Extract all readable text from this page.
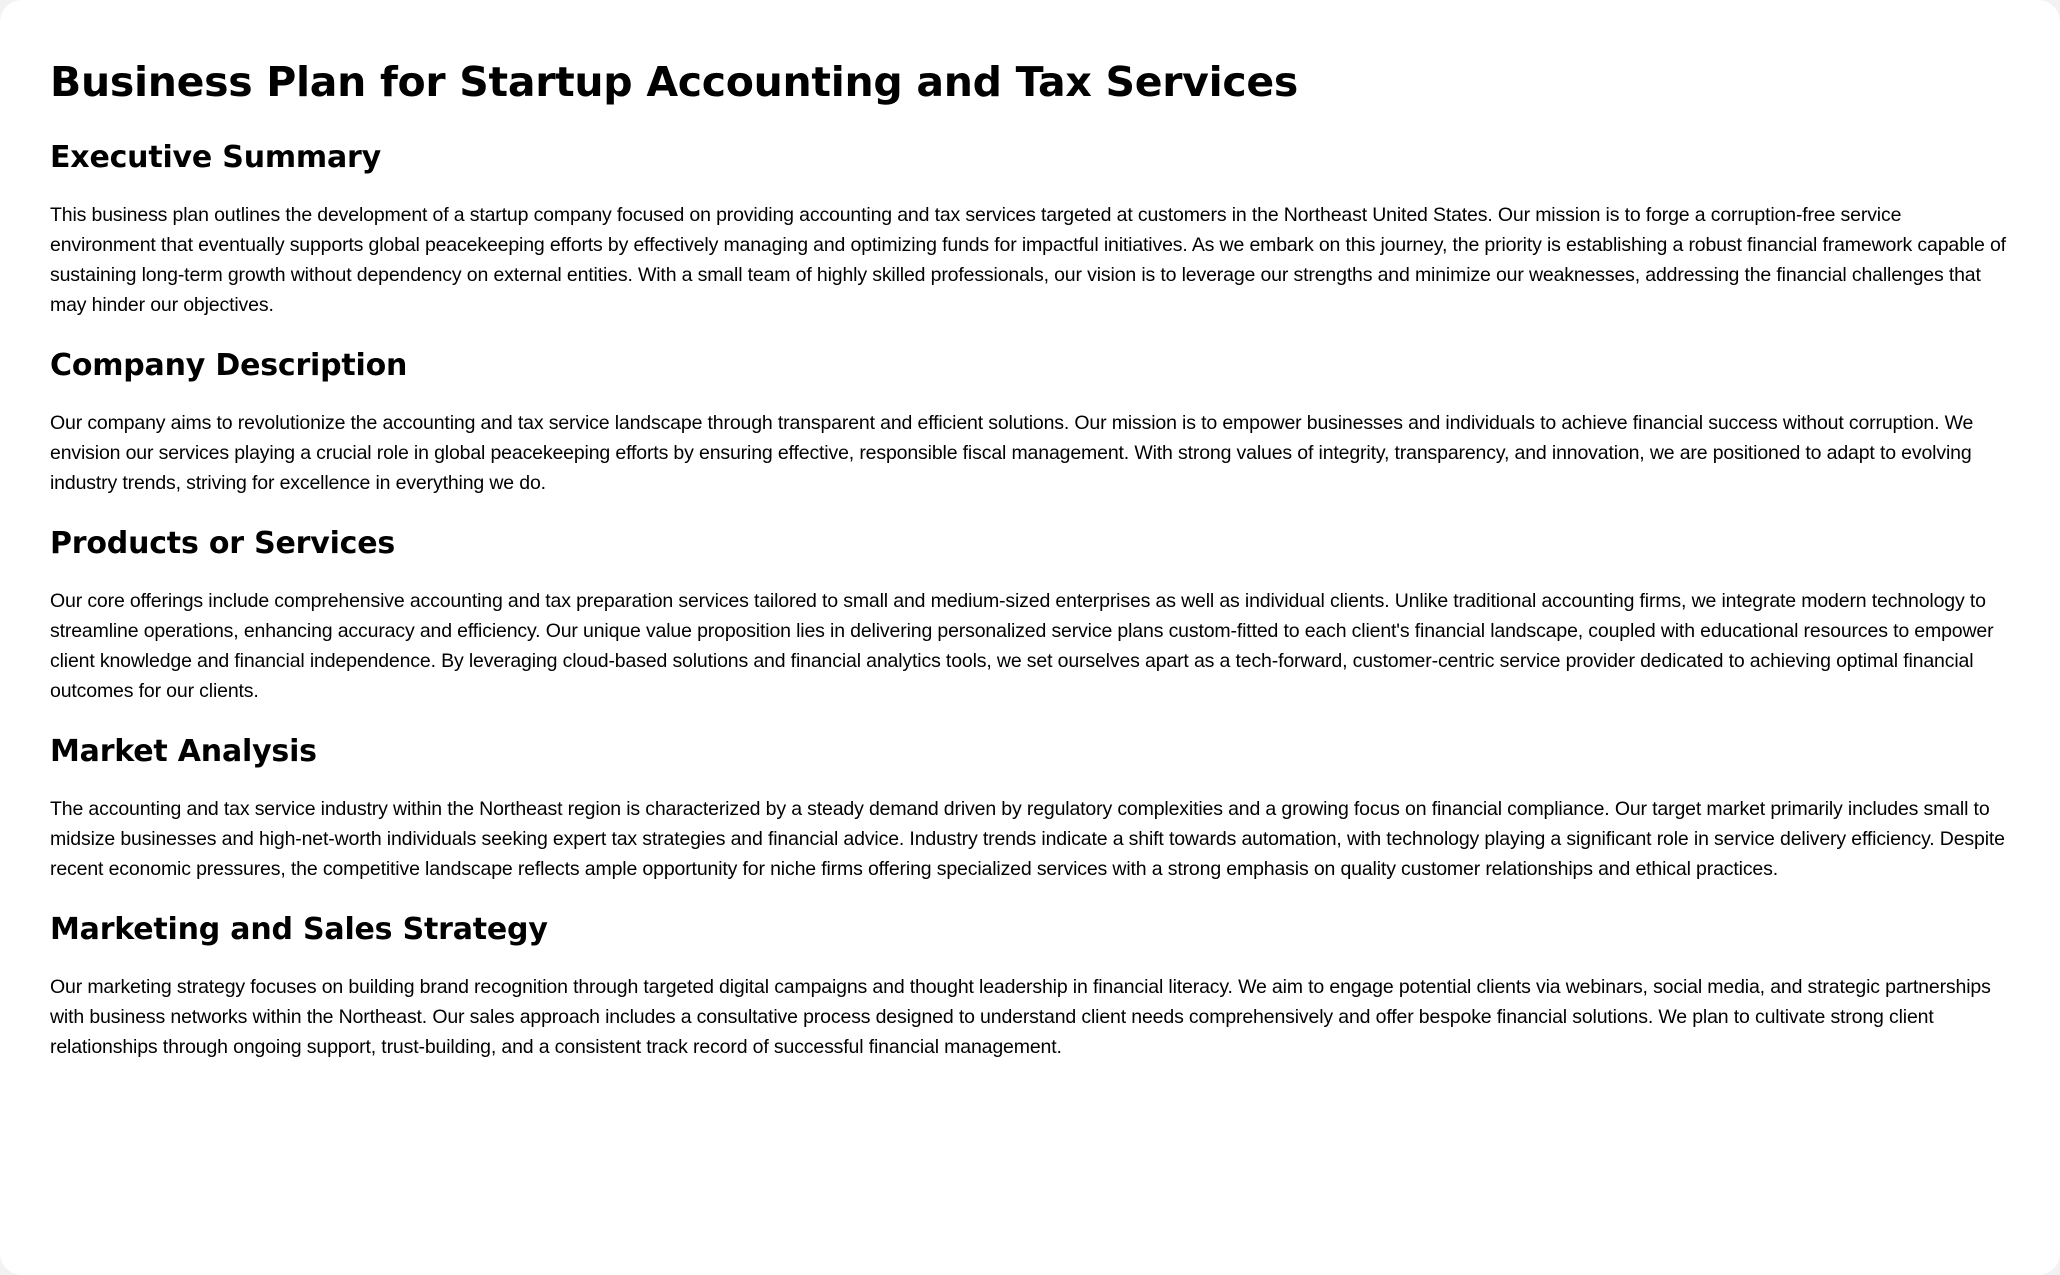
Business Plan for Startup Accounting and Tax Services
Executive Summary

This business plan outlines the development of a startup company focused on providing accounting and tax services targeted at customers in the Northeast United States. Our mission is to forge a corruption-free service environment that eventually supports global peacekeeping efforts by effectively managing and optimizing funds for impactful initiatives. As we embark on this journey, the priority is establishing a robust financial framework capable of sustaining long-term growth without dependency on external entities. With a small team of highly skilled professionals, our vision is to leverage our strengths and minimize our weaknesses, addressing the financial challenges that may hinder our objectives.

Company Description

Our company aims to revolutionize the accounting and tax service landscape through transparent and efficient solutions. Our mission is to empower businesses and individuals to achieve financial success without corruption. We envision our services playing a crucial role in global peacekeeping efforts by ensuring effective, responsible fiscal management. With strong values of integrity, transparency, and innovation, we are positioned to adapt to evolving industry trends, striving for excellence in everything we do.

Products or Services

Our core offerings include comprehensive accounting and tax preparation services tailored to small and medium-sized enterprises as well as individual clients. Unlike traditional accounting firms, we integrate modern technology to streamline operations, enhancing accuracy and efficiency. Our unique value proposition lies in delivering personalized service plans custom-fitted to each client's financial landscape, coupled with educational resources to empower client knowledge and financial independence. By leveraging cloud-based solutions and financial analytics tools, we set ourselves apart as a tech-forward, customer-centric service provider dedicated to achieving optimal financial outcomes for our clients.

Market Analysis

The accounting and tax service industry within the Northeast region is characterized by a steady demand driven by regulatory complexities and a growing focus on financial compliance. Our target market primarily includes small to midsize businesses and high-net-worth individuals seeking expert tax strategies and financial advice. Industry trends indicate a shift towards automation, with technology playing a significant role in service delivery efficiency. Despite recent economic pressures, the competitive landscape reflects ample opportunity for niche firms offering specialized services with a strong emphasis on quality customer relationships and ethical practices.

Marketing and Sales Strategy

Our marketing strategy focuses on building brand recognition through targeted digital campaigns and thought leadership in financial literacy. We aim to engage potential clients via webinars, social media, and strategic partnerships with business networks within the Northeast. Our sales approach includes a consultative process designed to understand client needs comprehensively and offer bespoke financial solutions. We plan to cultivate strong client relationships through ongoing support, trust-building, and a consistent track record of successful financial management.
